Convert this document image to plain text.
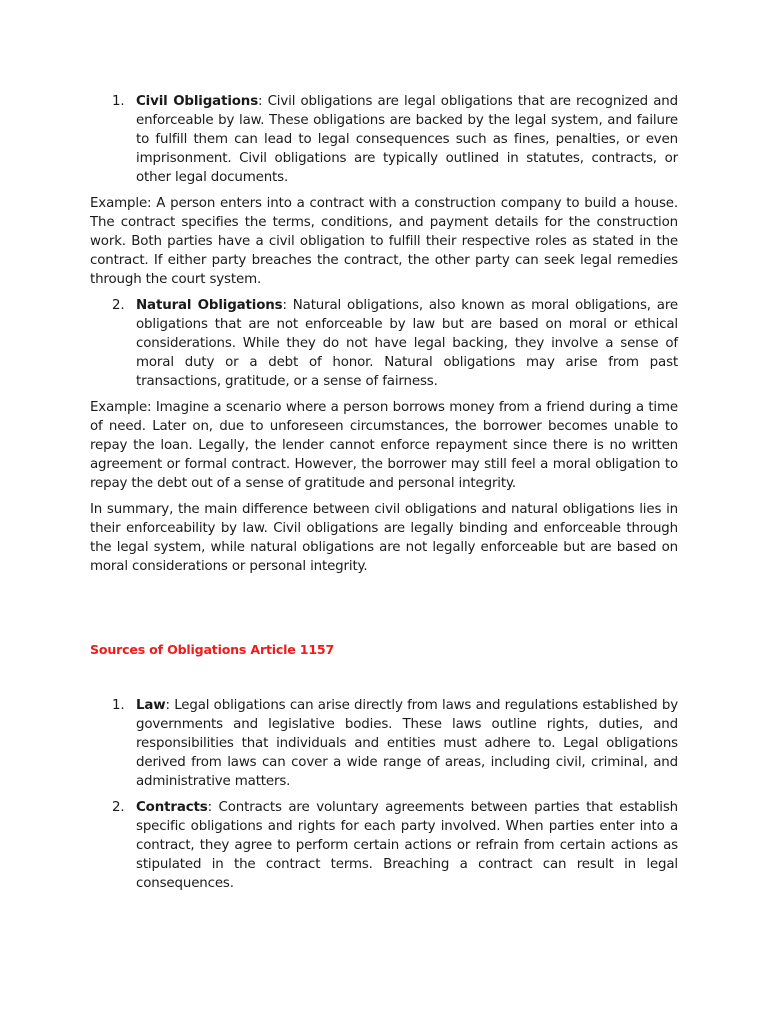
1. Civil Obligations: Civil obligations are legal obligations that are recognized and enforceable by law. These obligations are backed by the legal system, and failure to fulfill them can lead to legal consequences such as fines, penalties, or even imprisonment. Civil obligations are typically outlined in statutes, contracts, or other legal documents.

Example: A person enters into a contract with a construction company to build a house. The contract specifies the terms, conditions, and payment details for the construction work. Both parties have a civil obligation to fulfill their respective roles as stated in the contract. If either party breaches the contract, the other party can seek legal remedies through the court system.

2. Natural Obligations: Natural obligations, also known as moral obligations, are obligations that are not enforceable by law but are based on moral or ethical considerations. While they do not have legal backing, they involve a sense of moral duty or a debt of honor. Natural obligations may arise from past transactions, gratitude, or a sense of fairness.

Example: Imagine a scenario where a person borrows money from a friend during a time of need. Later on, due to unforeseen circumstances, the borrower becomes unable to repay the loan. Legally, the lender cannot enforce repayment since there is no written agreement or formal contract. However, the borrower may still feel a moral obligation to repay the debt out of a sense of gratitude and personal integrity.

In summary, the main difference between civil obligations and natural obligations lies in their enforceability by law. Civil obligations are legally binding and enforceable through the legal system, while natural obligations are not legally enforceable but are based on moral considerations or personal integrity.

Sources of Obligations Article 1157
1. Law: Legal obligations can arise directly from laws and regulations established by governments and legislative bodies. These laws outline rights, duties, and responsibilities that individuals and entities must adhere to. Legal obligations derived from laws can cover a wide range of areas, including civil, criminal, and administrative matters.
2. Contracts: Contracts are voluntary agreements between parties that establish specific obligations and rights for each party involved. When parties enter into a contract, they agree to perform certain actions or refrain from certain actions as stipulated in the contract terms. Breaching a contract can result in legal consequences.
